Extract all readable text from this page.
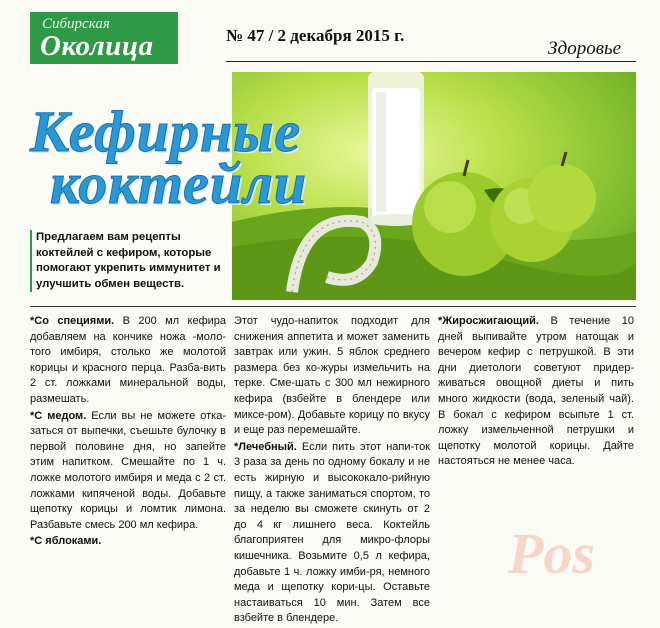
Сибирская
Околица	№ 47 / 2 декабря 2015 г.
Здоровье
Кефирные
коктейли
Предлагаем вам рецепты коктейлей с кефиром, которые помогают укрепить иммунитет и улучшить обмен веществ.

*Со специями. В 200 мл кефира добавляем на кончике ножа -моло-того имбиря, столько же молотой корицы и красного перца. Разба-вить 2 ст. ложками минеральной воды, размешать.

*С медом. Если вы не можете отка-заться от выпечки, съешьте булочку в первой половине дня, но запейте этим напитком. Смешайте по 1 ч. ложке молотого имбиря и меда с 2 ст. ложками кипяченой воды. Добавьте щепотку корицы и ломтик лимона. Разбавьте смесь 200 мл кефира.

*С яблоками.

Этот чудо-напиток подходит для снижения аппетита и может заменить завтрак или ужин. 5 яблок среднего размера без ко-журы измельчить на терке. Сме-шать с 300 мл нежирного кефира (взбейте в блендере или миксе-ром). Добавьте корицу по вкусу и еще раз перемешайте.

*Лечебный. Если пить этот напи-ток 3 раза за день по одному бокалу и не есть жирную и высококало-рийную пищу, а также заниматься спортом, то за неделю вы сможете скинуть от 2 до 4 кг лишнего веса. Коктейль благоприятен для микро-флоры кишечника. Возьмите 0,5 л кефира, добавьте 1 ч. ложку имби-ря, немного меда и щепотку кори-цы. Оставьте настаиваться 10 мин. Затем все взбейте в блендере.

*Жиросжигающий. В течение 10 дней выпивайте утром натощак и вечером кефир с петрушкой. В эти дни диетологи советуют придер-живаться овощной диеты и пить много жидкости (вода, зеленый чай). В бокал с кефиром всыпьте 1 ст. ложку измельченной петрушки и щепотку молотой корицы. Дайте настояться не менее часа.

Pos
